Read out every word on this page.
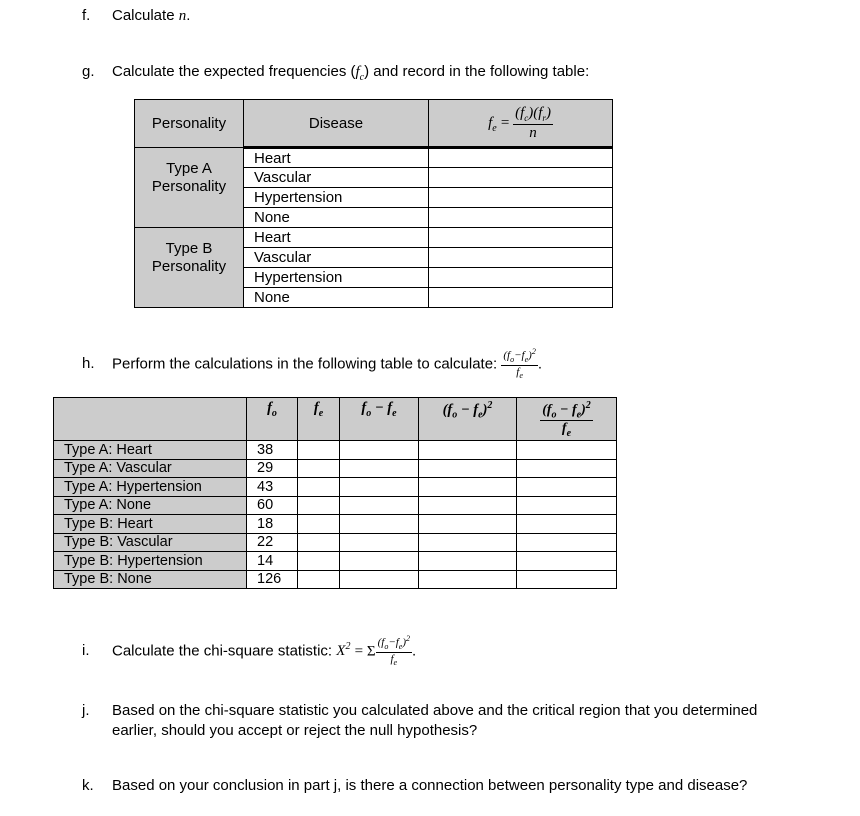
f. Calculate n.
g. Calculate the expected frequencies $(f_c)$ and record in the following table:
Personality	Disease	$f_e = \frac{(f_c)(f_r)}{n}$

Type A
Personality	Heart	
	Vascular	
	Hypertension	
	None	
Type B
Personality	Heart	
	Vascular	
	Hypertension	
	None	
h. Perform the calculations in the following table to calculate: $\frac{(f_o-f_e)^2}{f_e}$ .
	$f_o$	$f_e$	$f_o - f_e$	$(f_o - f_e)^2$	$\frac{(f_o - f_e)^2}{f_e}$

Type A: Heart	38				
Type A: Vascular	29				
Type A: Hypertension	43				
Type A: None	60				
Type B: Heart	18				
Type B: Vascular	22				
Type B: Hypertension	14				
Type B: None	126				
i. Calculate the chi-square statistic: $X^2 = \Sigma \frac{(f_o-f_e)^2}{f_e}$ .
j. Based on the chi-square statistic you calculated above and the critical region that you determined
earlier, should you accept or reject the null hypothesis?
k. Based on your conclusion in part j, is there a connection between personality type and disease?
